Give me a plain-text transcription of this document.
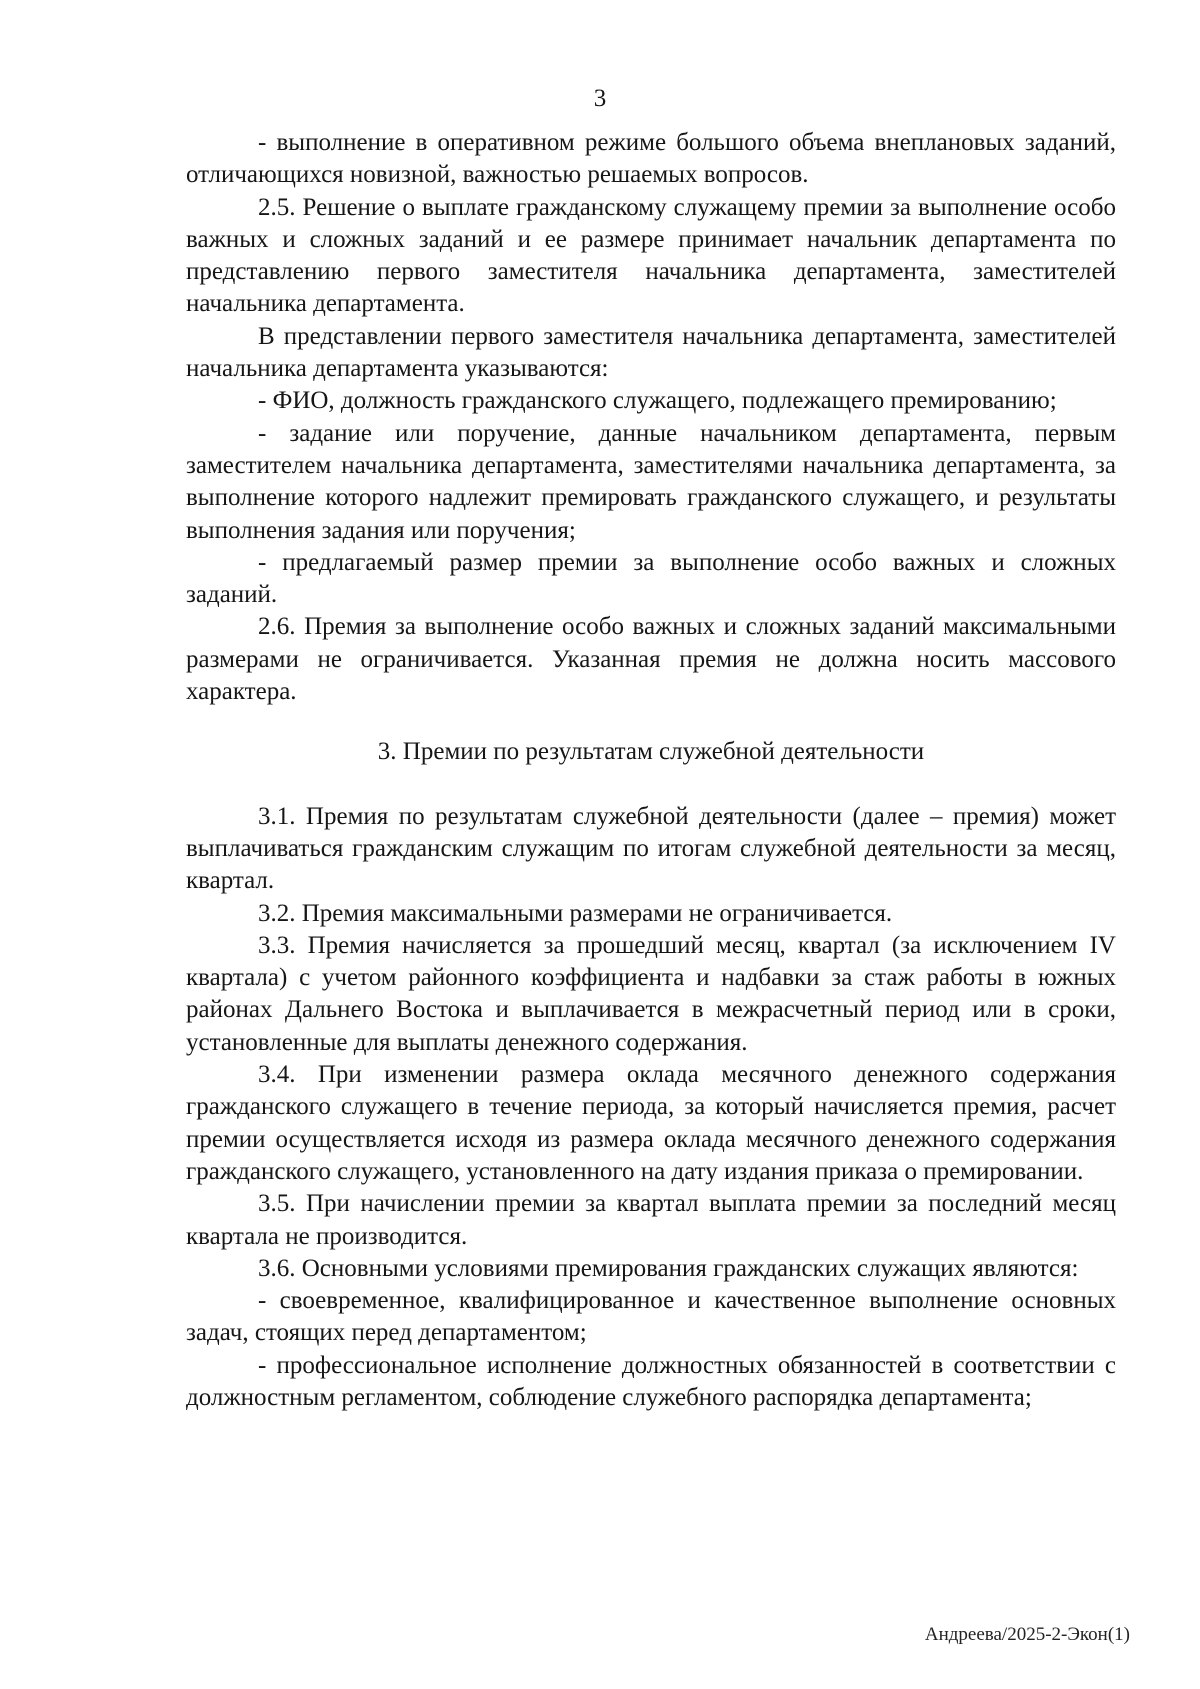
3

- выполнение в оперативном режиме большого объема внеплановых заданий, отличающихся новизной, важностью решаемых вопросов.

2.5. Решение о выплате гражданскому служащему премии за выполнение особо важных и сложных заданий и ее размере принимает начальник департамента по представлению первого заместителя начальника департамента, заместителей начальника департамента.

В представлении первого заместителя начальника департамента, заместителей начальника департамента указываются:

- ФИО, должность гражданского служащего, подлежащего премированию;

- задание или поручение, данные начальником департамента, первым заместителем начальника департамента, заместителями начальника департамента, за выполнение которого надлежит премировать гражданского служащего, и результаты выполнения задания или поручения;

- предлагаемый размер премии за выполнение особо важных и сложных заданий.

2.6. Премия за выполнение особо важных и сложных заданий максимальными размерами не ограничивается. Указанная премия не должна носить массового характера.

3. Премии по результатам служебной деятельности

3.1. Премия по результатам служебной деятельности (далее – премия) может выплачиваться гражданским служащим по итогам служебной деятельности за месяц, квартал.

3.2. Премия максимальными размерами не ограничивается.

3.3. Премия начисляется за прошедший месяц, квартал (за исключением IV квартала) с учетом районного коэффициента и надбавки за стаж работы в южных районах Дальнего Востока и выплачивается в межрасчетный период или в сроки, установленные для выплаты денежного содержания.

3.4. При изменении размера оклада месячного денежного содержания гражданского служащего в течение периода, за который начисляется премия, расчет премии осуществляется исходя из размера оклада месячного денежного содержания гражданского служащего, установленного на дату издания приказа о премировании.

3.5. При начислении премии за квартал выплата премии за последний месяц квартала не производится.

3.6. Основными условиями премирования гражданских служащих являются:

- своевременное, квалифицированное и качественное выполнение основных задач, стоящих перед департаментом;

- профессиональное исполнение должностных обязанностей в соответствии с должностным регламентом, соблюдение служебного распорядка департамента;

Андреева/2025-2-Экон(1)
